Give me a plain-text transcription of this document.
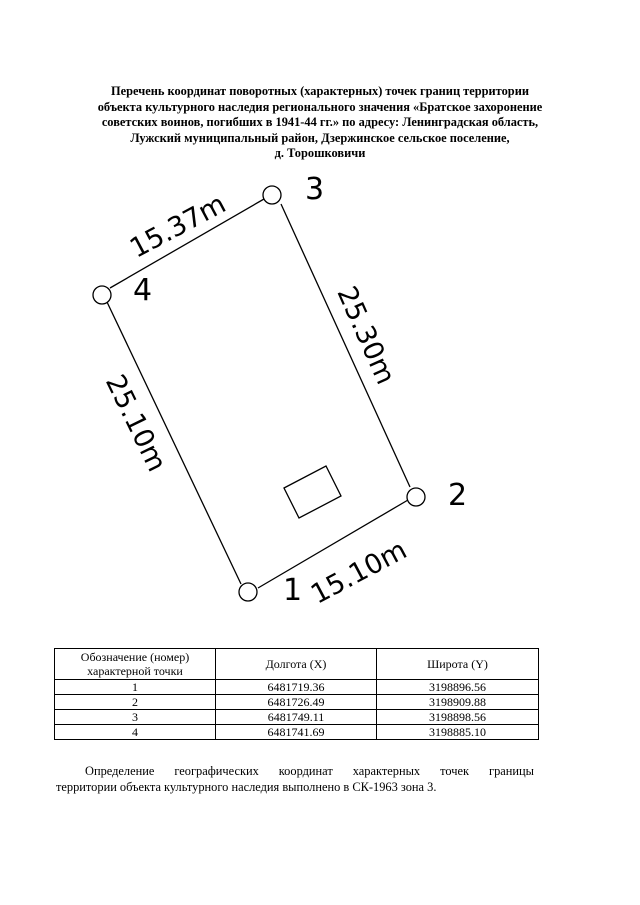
Перечень координат поворотных (характерных) точек границ территории
объекта культурного наследия регионального значения «Братское захоронение
советских воинов, погибших в 1941-44 гг.» по адресу: Ленинградская область,
Лужский муниципальный район, Дзержинское сельское поселение,
д. Торошковичи
1
2
3
4
15.37m
25.30m
25.10m
15.10m
Обозначение (номер)
характерной точки	Долгота (X)	Широта (Y)
1	6481719.36	3198896.56
2	6481726.49	3198909.88
3	6481749.11	3198898.56
4	6481741.69	3198885.10
Определение географических координат характерных точек границы
территории объекта культурного наследия выполнено в СК-1963 зона 3.
